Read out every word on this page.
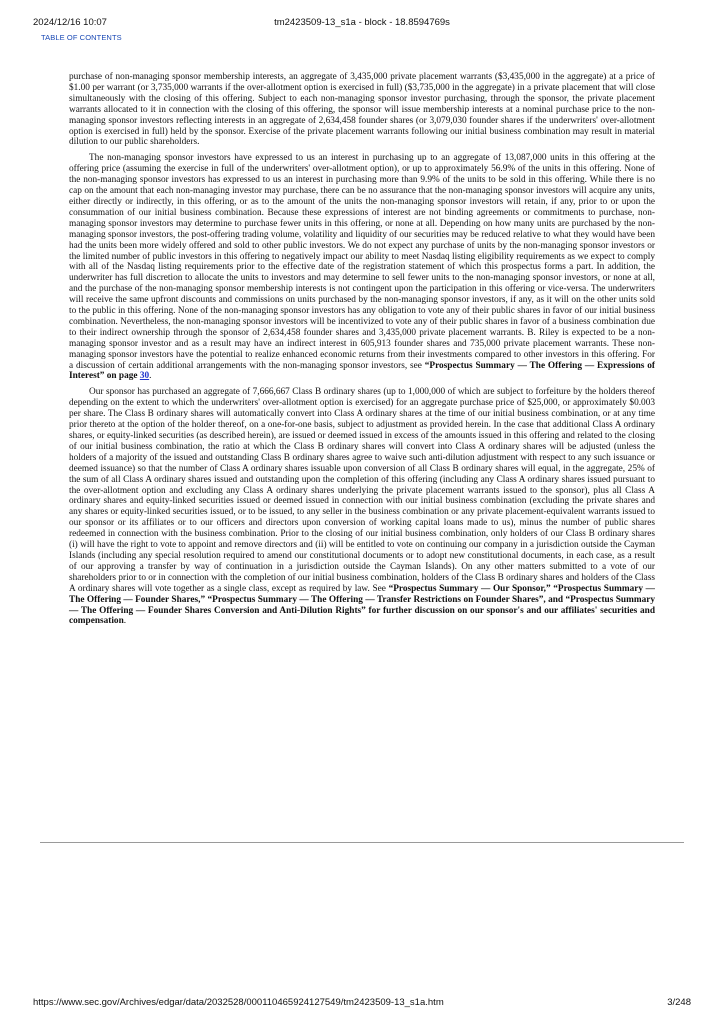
2024/12/16 10:07	tm2423509-13_s1a - block - 18.8594769s
TABLE OF CONTENTS

purchase of non-managing sponsor membership interests, an aggregate of 3,435,000 private placement warrants ($3,435,000 in the aggregate) at a price of $1.00 per warrant (or 3,735,000 warrants if the over-allotment option is exercised in full) ($3,735,000 in the aggregate) in a private placement that will close simultaneously with the closing of this offering. Subject to each non-managing sponsor investor purchasing, through the sponsor, the private placement warrants allocated to it in connection with the closing of this offering, the sponsor will issue membership interests at a nominal purchase price to the non-managing sponsor investors reflecting interests in an aggregate of 2,634,458 founder shares (or 3,079,030 founder shares if the underwriters' over-allotment option is exercised in full) held by the sponsor. Exercise of the private placement warrants following our initial business combination may result in material dilution to our public shareholders.

The non-managing sponsor investors have expressed to us an interest in purchasing up to an aggregate of 13,087,000 units in this offering at the offering price (assuming the exercise in full of the underwriters' over-allotment option), or up to approximately 56.9% of the units in this offering. None of the non-managing sponsor investors has expressed to us an interest in purchasing more than 9.9% of the units to be sold in this offering. While there is no cap on the amount that each non-managing investor may purchase, there can be no assurance that the non-managing sponsor investors will acquire any units, either directly or indirectly, in this offering, or as to the amount of the units the non-managing sponsor investors will retain, if any, prior to or upon the consummation of our initial business combination. Because these expressions of interest are not binding agreements or commitments to purchase, non-managing sponsor investors may determine to purchase fewer units in this offering, or none at all. Depending on how many units are purchased by the non-managing sponsor investors, the post-offering trading volume, volatility and liquidity of our securities may be reduced relative to what they would have been had the units been more widely offered and sold to other public investors. We do not expect any purchase of units by the non-managing sponsor investors or the limited number of public investors in this offering to negatively impact our ability to meet Nasdaq listing eligibility requirements as we expect to comply with all of the Nasdaq listing requirements prior to the effective date of the registration statement of which this prospectus forms a part. In addition, the underwriter has full discretion to allocate the units to investors and may determine to sell fewer units to the non-managing sponsor investors, or none at all, and the purchase of the non-managing sponsor membership interests is not contingent upon the participation in this offering or vice-versa. The underwriters will receive the same upfront discounts and commissions on units purchased by the non-managing sponsor investors, if any, as it will on the other units sold to the public in this offering. None of the non-managing sponsor investors has any obligation to vote any of their public shares in favor of our initial business combination. Nevertheless, the non-managing sponsor investors will be incentivized to vote any of their public shares in favor of a business combination due to their indirect ownership through the sponsor of 2,634,458 founder shares and 3,435,000 private placement warrants. B. Riley is expected to be a non-managing sponsor investor and as a result may have an indirect interest in 605,913 founder shares and 735,000 private placement warrants. These non-managing sponsor investors have the potential to realize enhanced economic returns from their investments compared to other investors in this offering. For a discussion of certain additional arrangements with the non-managing sponsor investors, see “Prospectus Summary — The Offering — Expressions of Interest” on page 30.

Our sponsor has purchased an aggregate of 7,666,667 Class B ordinary shares (up to 1,000,000 of which are subject to forfeiture by the holders thereof depending on the extent to which the underwriters' over-allotment option is exercised) for an aggregate purchase price of $25,000, or approximately $0.003 per share. The Class B ordinary shares will automatically convert into Class A ordinary shares at the time of our initial business combination, or at any time prior thereto at the option of the holder thereof, on a one-for-one basis, subject to adjustment as provided herein. In the case that additional Class A ordinary shares, or equity-linked securities (as described herein), are issued or deemed issued in excess of the amounts issued in this offering and related to the closing of our initial business combination, the ratio at which the Class B ordinary shares will convert into Class A ordinary shares will be adjusted (unless the holders of a majority of the issued and outstanding Class B ordinary shares agree to waive such anti-dilution adjustment with respect to any such issuance or deemed issuance) so that the number of Class A ordinary shares issuable upon conversion of all Class B ordinary shares will equal, in the aggregate, 25% of the sum of all Class A ordinary shares issued and outstanding upon the completion of this offering (including any Class A ordinary shares issued pursuant to the over-allotment option and excluding any Class A ordinary shares underlying the private placement warrants issued to the sponsor), plus all Class A ordinary shares and equity-linked securities issued or deemed issued in connection with our initial business combination (excluding the private shares and any shares or equity-linked securities issued, or to be issued, to any seller in the business combination or any private placement-equivalent warrants issued to our sponsor or its affiliates or to our officers and directors upon conversion of working capital loans made to us), minus the number of public shares redeemed in connection with the business combination. Prior to the closing of our initial business combination, only holders of our Class B ordinary shares (i) will have the right to vote to appoint and remove directors and (ii) will be entitled to vote on continuing our company in a jurisdiction outside the Cayman Islands (including any special resolution required to amend our constitutional documents or to adopt new constitutional documents, in each case, as a result of our approving a transfer by way of continuation in a jurisdiction outside the Cayman Islands). On any other matters submitted to a vote of our shareholders prior to or in connection with the completion of our initial business combination, holders of the Class B ordinary shares and holders of the Class A ordinary shares will vote together as a single class, except as required by law. See “Prospectus Summary — Our Sponsor,” “Prospectus Summary — The Offering — Founder Shares,” “Prospectus Summary — The Offering — Transfer Restrictions on Founder Shares”, and “Prospectus Summary — The Offering — Founder Shares Conversion and Anti-Dilution Rights” for further discussion on our sponsor's and our affiliates' securities and compensation.

https://www.sec.gov/Archives/edgar/data/2032528/000110465924127549/tm2423509-13_s1a.htm	3/248
